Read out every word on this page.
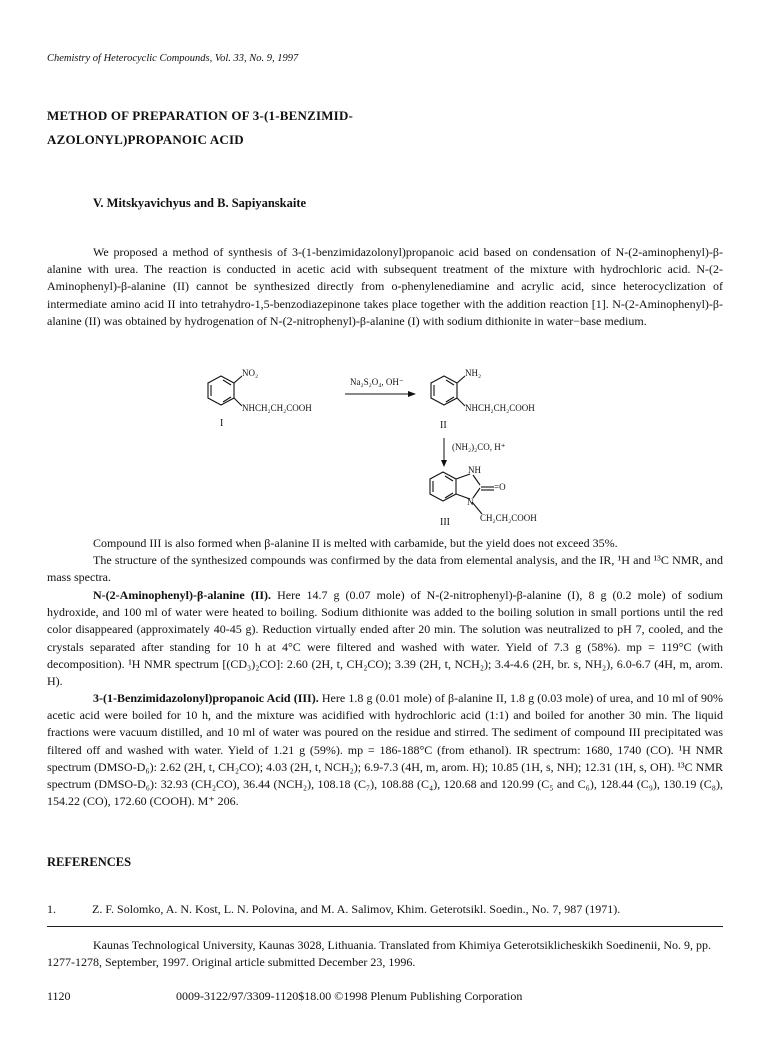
Chemistry of Heterocyclic Compounds, Vol. 33, No. 9, 1997
METHOD OF PREPARATION OF 3-(1-BENZIMID-
AZOLONYL)PROPANOIC ACID
V. Mitskyavichyus and B. Sapiyanskaite
We proposed a method of synthesis of 3-(1-benzimidazolonyl)propanoic acid based on condensation of N-(2-aminophenyl)-β-alanine with urea. The reaction is conducted in acetic acid with subsequent treatment of the mixture with hydrochloric acid. N-(2-Aminophenyl)-β-alanine (II) cannot be synthesized directly from o-phenylenediamine and acrylic acid, since heterocyclization of intermediate amino acid II into tetrahydro-1,5-benzodiazepinone takes place together with the addition reaction [1]. N-(2-Aminophenyl)-β-alanine (II) was obtained by hydrogenation of N-(2-nitrophenyl)-β-alanine (I) with sodium dithionite in water−base medium.
NO₂
NHCH₂CH₂COOH
I
Na₂S₂O₄, OH⁻
NH₂
NHCH₂CH₂COOH
II
(NH₂)₂CO, H⁺
NH
=O
N
CH₂CH₂COOH
III
Compound III is also formed when β-alanine II is melted with carbamide, but the yield does not exceed 35%.
The structure of the synthesized compounds was confirmed by the data from elemental analysis, and the IR, ¹H and ¹³C NMR, and mass spectra.
N-(2-Aminophenyl)-β-alanine (II). Here 14.7 g (0.07 mole) of N-(2-nitrophenyl)-β-alanine (I), 8 g (0.2 mole) of sodium hydroxide, and 100 ml of water were heated to boiling. Sodium dithionite was added to the boiling solution in small portions until the red color disappeared (approximately 40-45 g). Reduction virtually ended after 20 min. The solution was neutralized to pH 7, cooled, and the crystals separated after standing for 10 h at 4°C were filtered and washed with water. Yield of 7.3 g (58%). mp = 119°C (with decomposition). ¹H NMR spectrum [(CD₃)₂CO]: 2.60 (2H, t, CH₂CO); 3.39 (2H, t, NCH₂); 3.4-4.6 (2H, br. s, NH₂), 6.0-6.7 (4H, m, arom. H).
3-(1-Benzimidazolonyl)propanoic Acid (III). Here 1.8 g (0.01 mole) of β-alanine II, 1.8 g (0.03 mole) of urea, and 10 ml of 90% acetic acid were boiled for 10 h, and the mixture was acidified with hydrochloric acid (1:1) and boiled for another 30 min. The liquid fractions were vacuum distilled, and 10 ml of water was poured on the residue and stirred. The sediment of compound III precipitated was filtered off and washed with water. Yield of 1.21 g (59%). mp = 186-188°C (from ethanol). IR spectrum: 1680, 1740 (CO). ¹H NMR spectrum (DMSO-D₆): 2.62 (2H, t, CH₂CO); 4.03 (2H, t, NCH₂); 6.9-7.3 (4H, m, arom. H); 10.85 (1H, s, NH); 12.31 (1H, s, OH). ¹³C NMR spectrum (DMSO-D₆): 32.93 (CH₂CO), 36.44 (NCH₂), 108.18 (C₇), 108.88 (C₄), 120.68 and 120.99 (C₅ and C₆), 128.44 (C₉), 130.19 (C₈), 154.22 (CO), 172.60 (COOH). M⁺ 206.
REFERENCES
1.	Z. F. Solomko, A. N. Kost, L. N. Polovina, and M. A. Salimov, Khim. Geterotsikl. Soedin., No. 7, 987 (1971).
Kaunas Technological University, Kaunas 3028, Lithuania. Translated from Khimiya Geterotsiklicheskikh Soedinenii, No. 9, pp. 1277-1278, September, 1997. Original article submitted December 23, 1996.
1120	0009-3122/97/3309-1120$18.00 ©1998 Plenum Publishing Corporation
